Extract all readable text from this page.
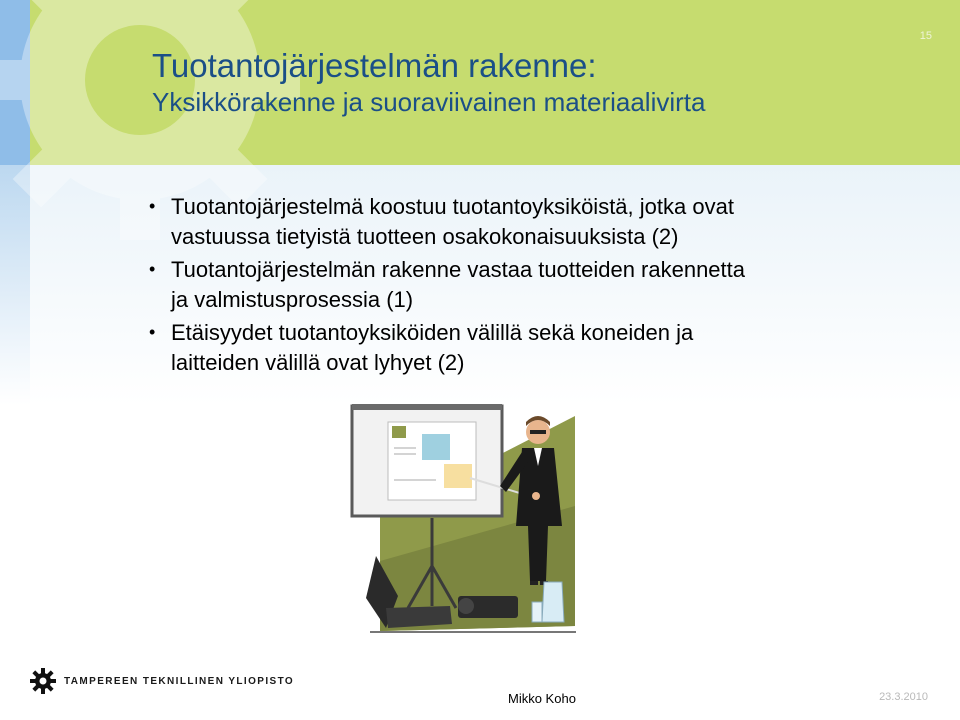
15
Tuotantojärjestelmän rakenne:
Yksikkörakenne ja suoraviivainen materiaalivirta
• Tuotantojärjestelmä koostuu tuotantoyksiköistä, jotka ovat
vastuussa tietyistä tuotteen osakokonaisuuksista (2)
• Tuotantojärjestelmän rakenne vastaa tuotteiden rakennetta
ja valmistusprosessia (1)
• Etäisyydet tuotantoyksiköiden välillä sekä koneiden ja
laitteiden välillä ovat lyhyet (2)
TAMPEREEN TEKNILLINEN YLIOPISTO
Mikko Koho	23.3.2010
